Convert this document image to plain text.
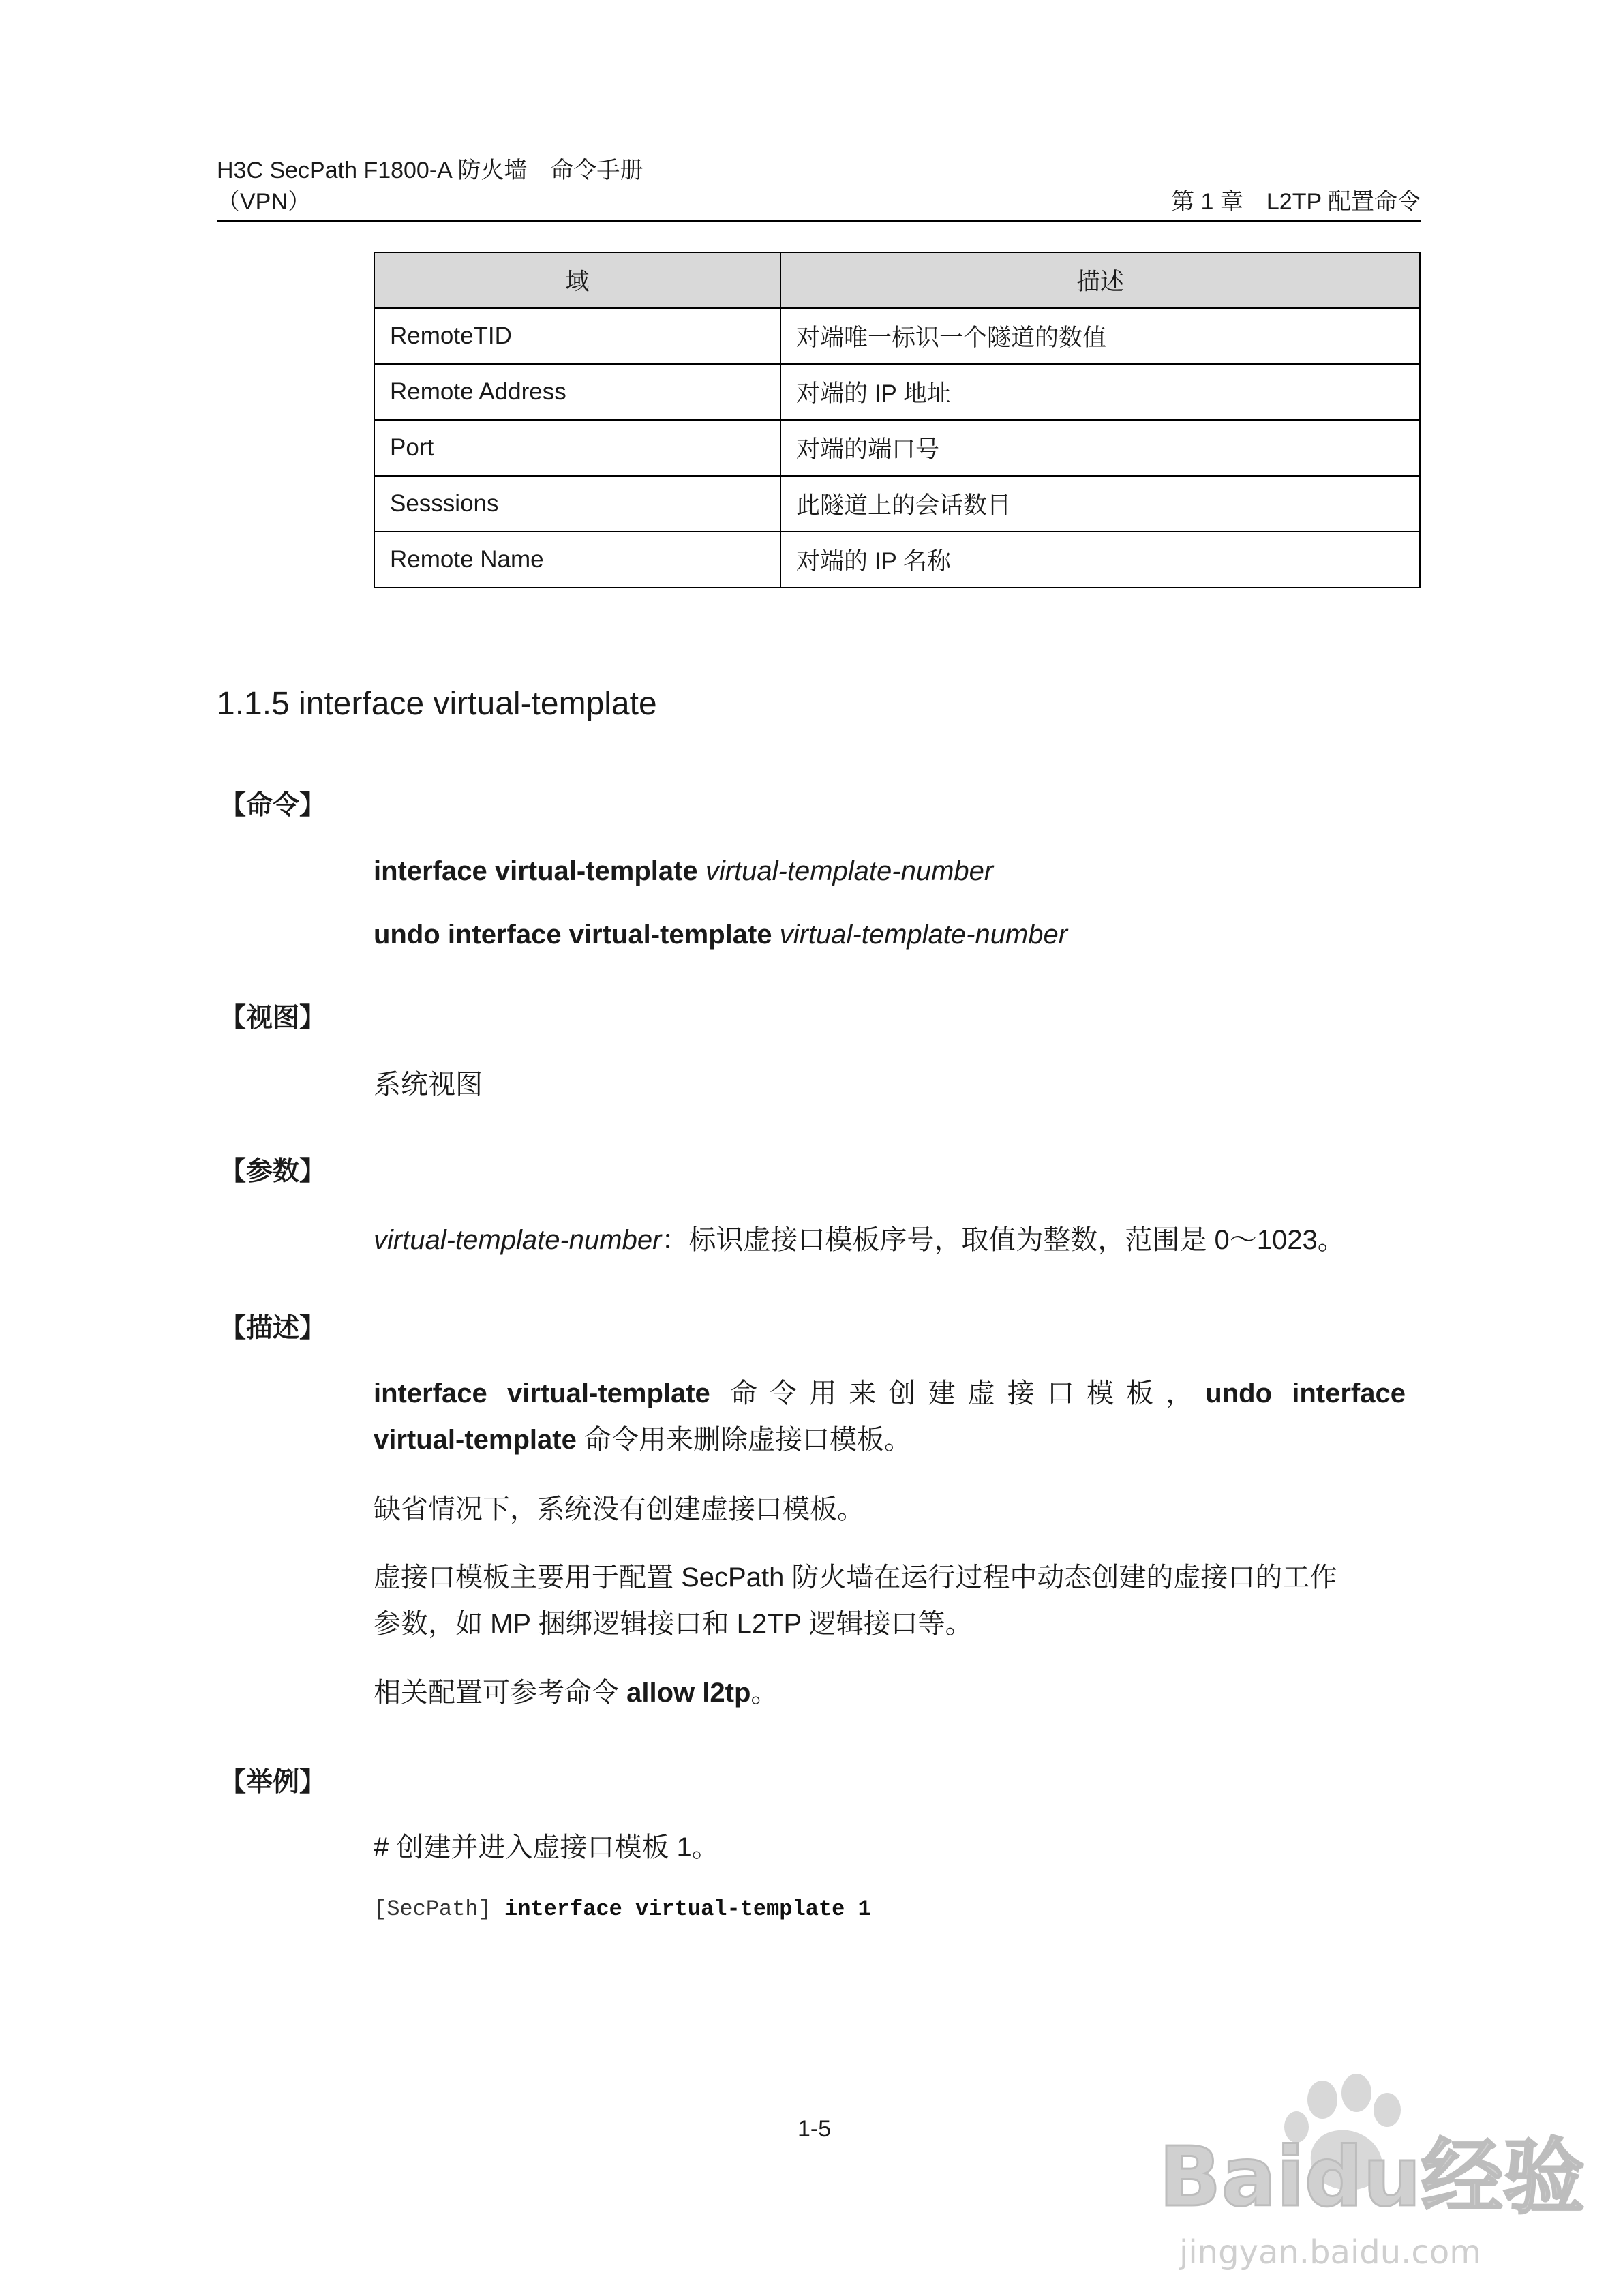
H3C SecPath F1800-A 防火墙　命令手册
（VPN）	第 1 章　L2TP 配置命令
域	描述
RemoteTID	对端唯一标识一个隧道的数值
Remote Address	对端的 IP 地址
Port	对端的端口号
Sesssions	此隧道上的会话数目
Remote Name	对端的 IP 名称
1.1.5 interface virtual-template
【命令】
interface virtual-template virtual-template-number
undo interface virtual-template virtual-template-number
【视图】
系统视图
【参数】
virtual-template-number：标识虚接口模板序号，取值为整数，范围是 0～1023。
【描述】
interface virtual-template 命令用来创建虚接口模板，undo interface
virtual-template 命令用来删除虚接口模板。
缺省情况下，系统没有创建虚接口模板。
虚接口模板主要用于配置 SecPath 防火墙在运行过程中动态创建的虚接口的工作
参数，如 MP 捆绑逻辑接口和 L2TP 逻辑接口等。
相关配置可参考命令 allow l2tp。
【举例】
# 创建并进入虚接口模板 1。
[SecPath] interface virtual-template 1
1-5
Baidu经验
jingyan.baidu.com
